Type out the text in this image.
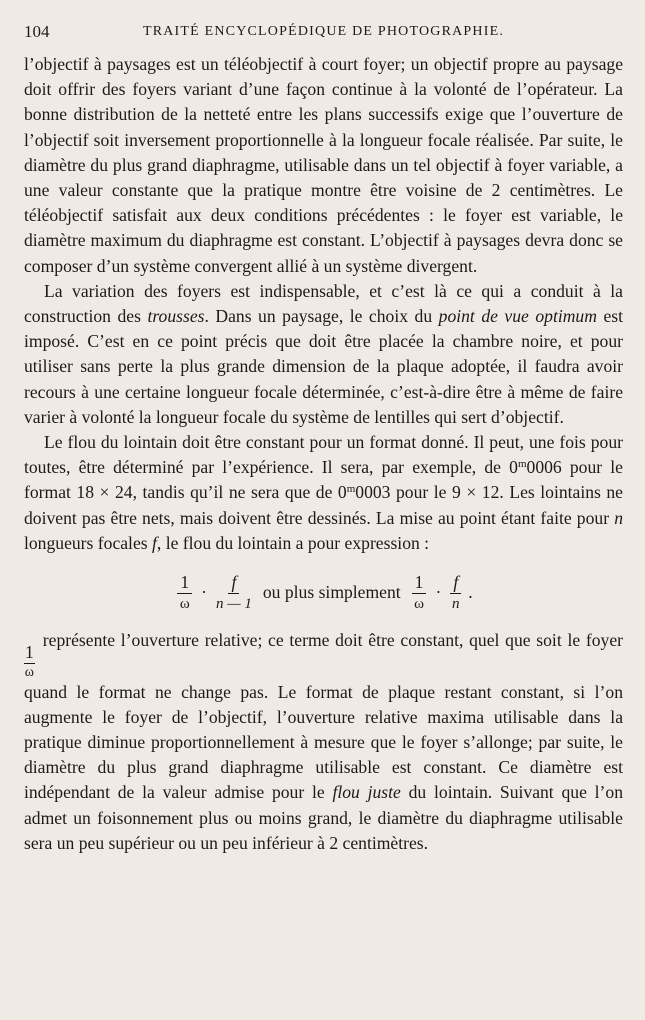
104	TRAITÉ ENCYCLOPÉDIQUE DE PHOTOGRAPHIE.

l’objectif à paysages est un téléobjectif à court foyer; un objectif propre au paysage doit offrir des foyers variant d’une façon continue à la volonté de l’opérateur. La bonne distribution de la netteté entre les plans successifs exige que l’ouverture de l’objectif soit inversement proportionnelle à la longueur focale réalisée. Par suite, le diamètre du plus grand diaphragme, utilisable dans un tel objectif à foyer variable, a une valeur constante que la pratique montre être voisine de 2 centimètres. Le téléobjectif satisfait aux deux conditions précédentes : le foyer est variable, le diamètre maximum du diaphragme est constant. L’objectif à paysages devra donc se composer d’un système convergent allié à un système divergent.

La variation des foyers est indispensable, et c’est là ce qui a conduit à la construction des trousses. Dans un paysage, le choix du point de vue optimum est imposé. C’est en ce point précis que doit être placée la chambre noire, et pour utiliser sans perte la plus grande dimension de la plaque adoptée, il faudra avoir recours à une certaine longueur focale déterminée, c’est-à-dire être à même de faire varier à volonté la longueur focale du système de lentilles qui sert d’objectif.

Le flou du lointain doit être constant pour un format donné. Il peut, une fois pour toutes, être déterminé par l’expérience. Il sera, par exemple, de 0$^m$0006 pour le format 18 × 24, tandis qu’il ne sera que de 0$^m$0003 pour le 9 × 12. Les lointains ne doivent pas être nets, mais doivent être dessinés. La mise au point étant faite pour n longueurs focales f, le flou du lointain a pour expression :

$\frac{1}{\omega} \cdot \frac{f}{n — 1}$ ou plus simplement $\frac{1}{\omega} \cdot \frac{f}{n}$ .

$\frac{1}{\omega}$
représente l’ouverture relative; ce terme doit être constant, quel que soit le foyer quand le format ne change pas. Le format de plaque restant constant, si l’on augmente le foyer de l’objectif, l’ouverture relative maxima utilisable dans la pratique diminue proportionnellement à mesure que le foyer s’allonge; par suite, le diamètre du plus grand diaphragme utilisable est constant. Ce diamètre est indépendant de la valeur admise pour le flou juste du lointain. Suivant que l’on admet un foisonnement plus ou moins grand, le diamètre du diaphragme utilisable sera un peu supérieur ou un peu inférieur à 2 centimètres.
